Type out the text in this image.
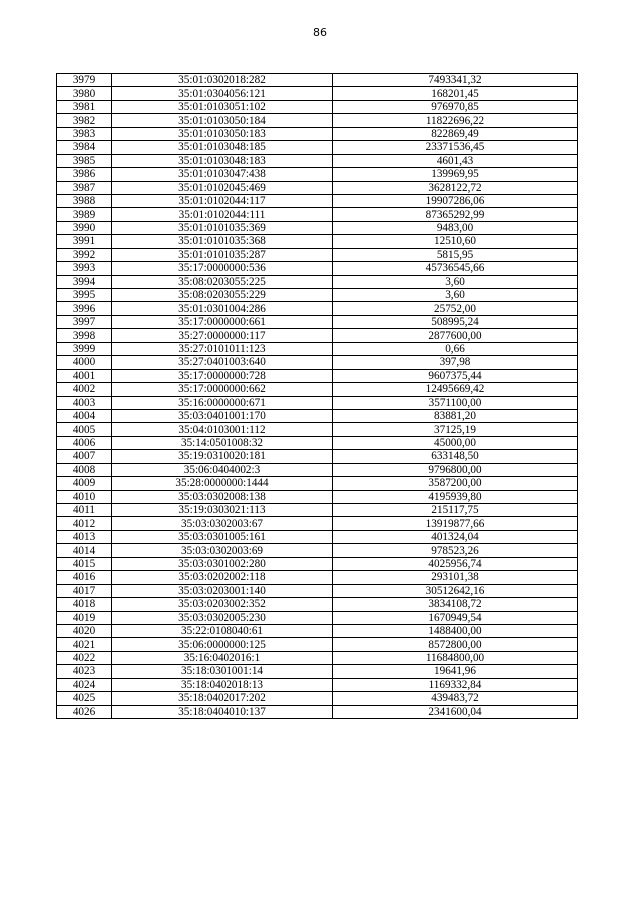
86
3979	35:01:0302018:282	7493341,32
3980	35:01:0304056:121	168201,45
3981	35:01:0103051:102	976970,85
3982	35:01:0103050:184	11822696,22
3983	35:01:0103050:183	822869,49
3984	35:01:0103048:185	23371536,45
3985	35:01:0103048:183	4601,43
3986	35:01:0103047:438	139969,95
3987	35:01:0102045:469	3628122,72
3988	35:01:0102044:117	19907286,06
3989	35:01:0102044:111	87365292,99
3990	35:01:0101035:369	9483,00
3991	35:01:0101035:368	12510,60
3992	35:01:0101035:287	5815,95
3993	35:17:0000000:536	45736545,66
3994	35:08:0203055:225	3,60
3995	35:08:0203055:229	3,60
3996	35:01:0301004:286	25752,00
3997	35:17:0000000:661	508995,24
3998	35:27:0000000:117	2877600,00
3999	35:27:0101011:123	0,66
4000	35:27:0401003:640	397,98
4001	35:17:0000000:728	9607375,44
4002	35:17:0000000:662	12495669,42
4003	35:16:0000000:671	3571100,00
4004	35:03:0401001:170	83881,20
4005	35:04:0103001:112	37125,19
4006	35:14:0501008:32	45000,00
4007	35:19:0310020:181	633148,50
4008	35:06:0404002:3	9796800,00
4009	35:28:0000000:1444	3587200,00
4010	35:03:0302008:138	4195939,80
4011	35:19:0303021:113	215117,75
4012	35:03:0302003:67	13919877,66
4013	35:03:0301005:161	401324,04
4014	35:03:0302003:69	978523,26
4015	35:03:0301002:280	4025956,74
4016	35:03:0202002:118	293101,38
4017	35:03:0203001:140	30512642,16
4018	35:03:0203002:352	3834108,72
4019	35:03:0302005:230	1670949,54
4020	35:22:0108040:61	1488400,00
4021	35:06:0000000:125	8572800,00
4022	35:16:0402016:1	11684800,00
4023	35:18:0301001:14	19641,96
4024	35:18:0402018:13	1169332,84
4025	35:18:0402017:202	439483,72
4026	35:18:0404010:137	2341600,04
